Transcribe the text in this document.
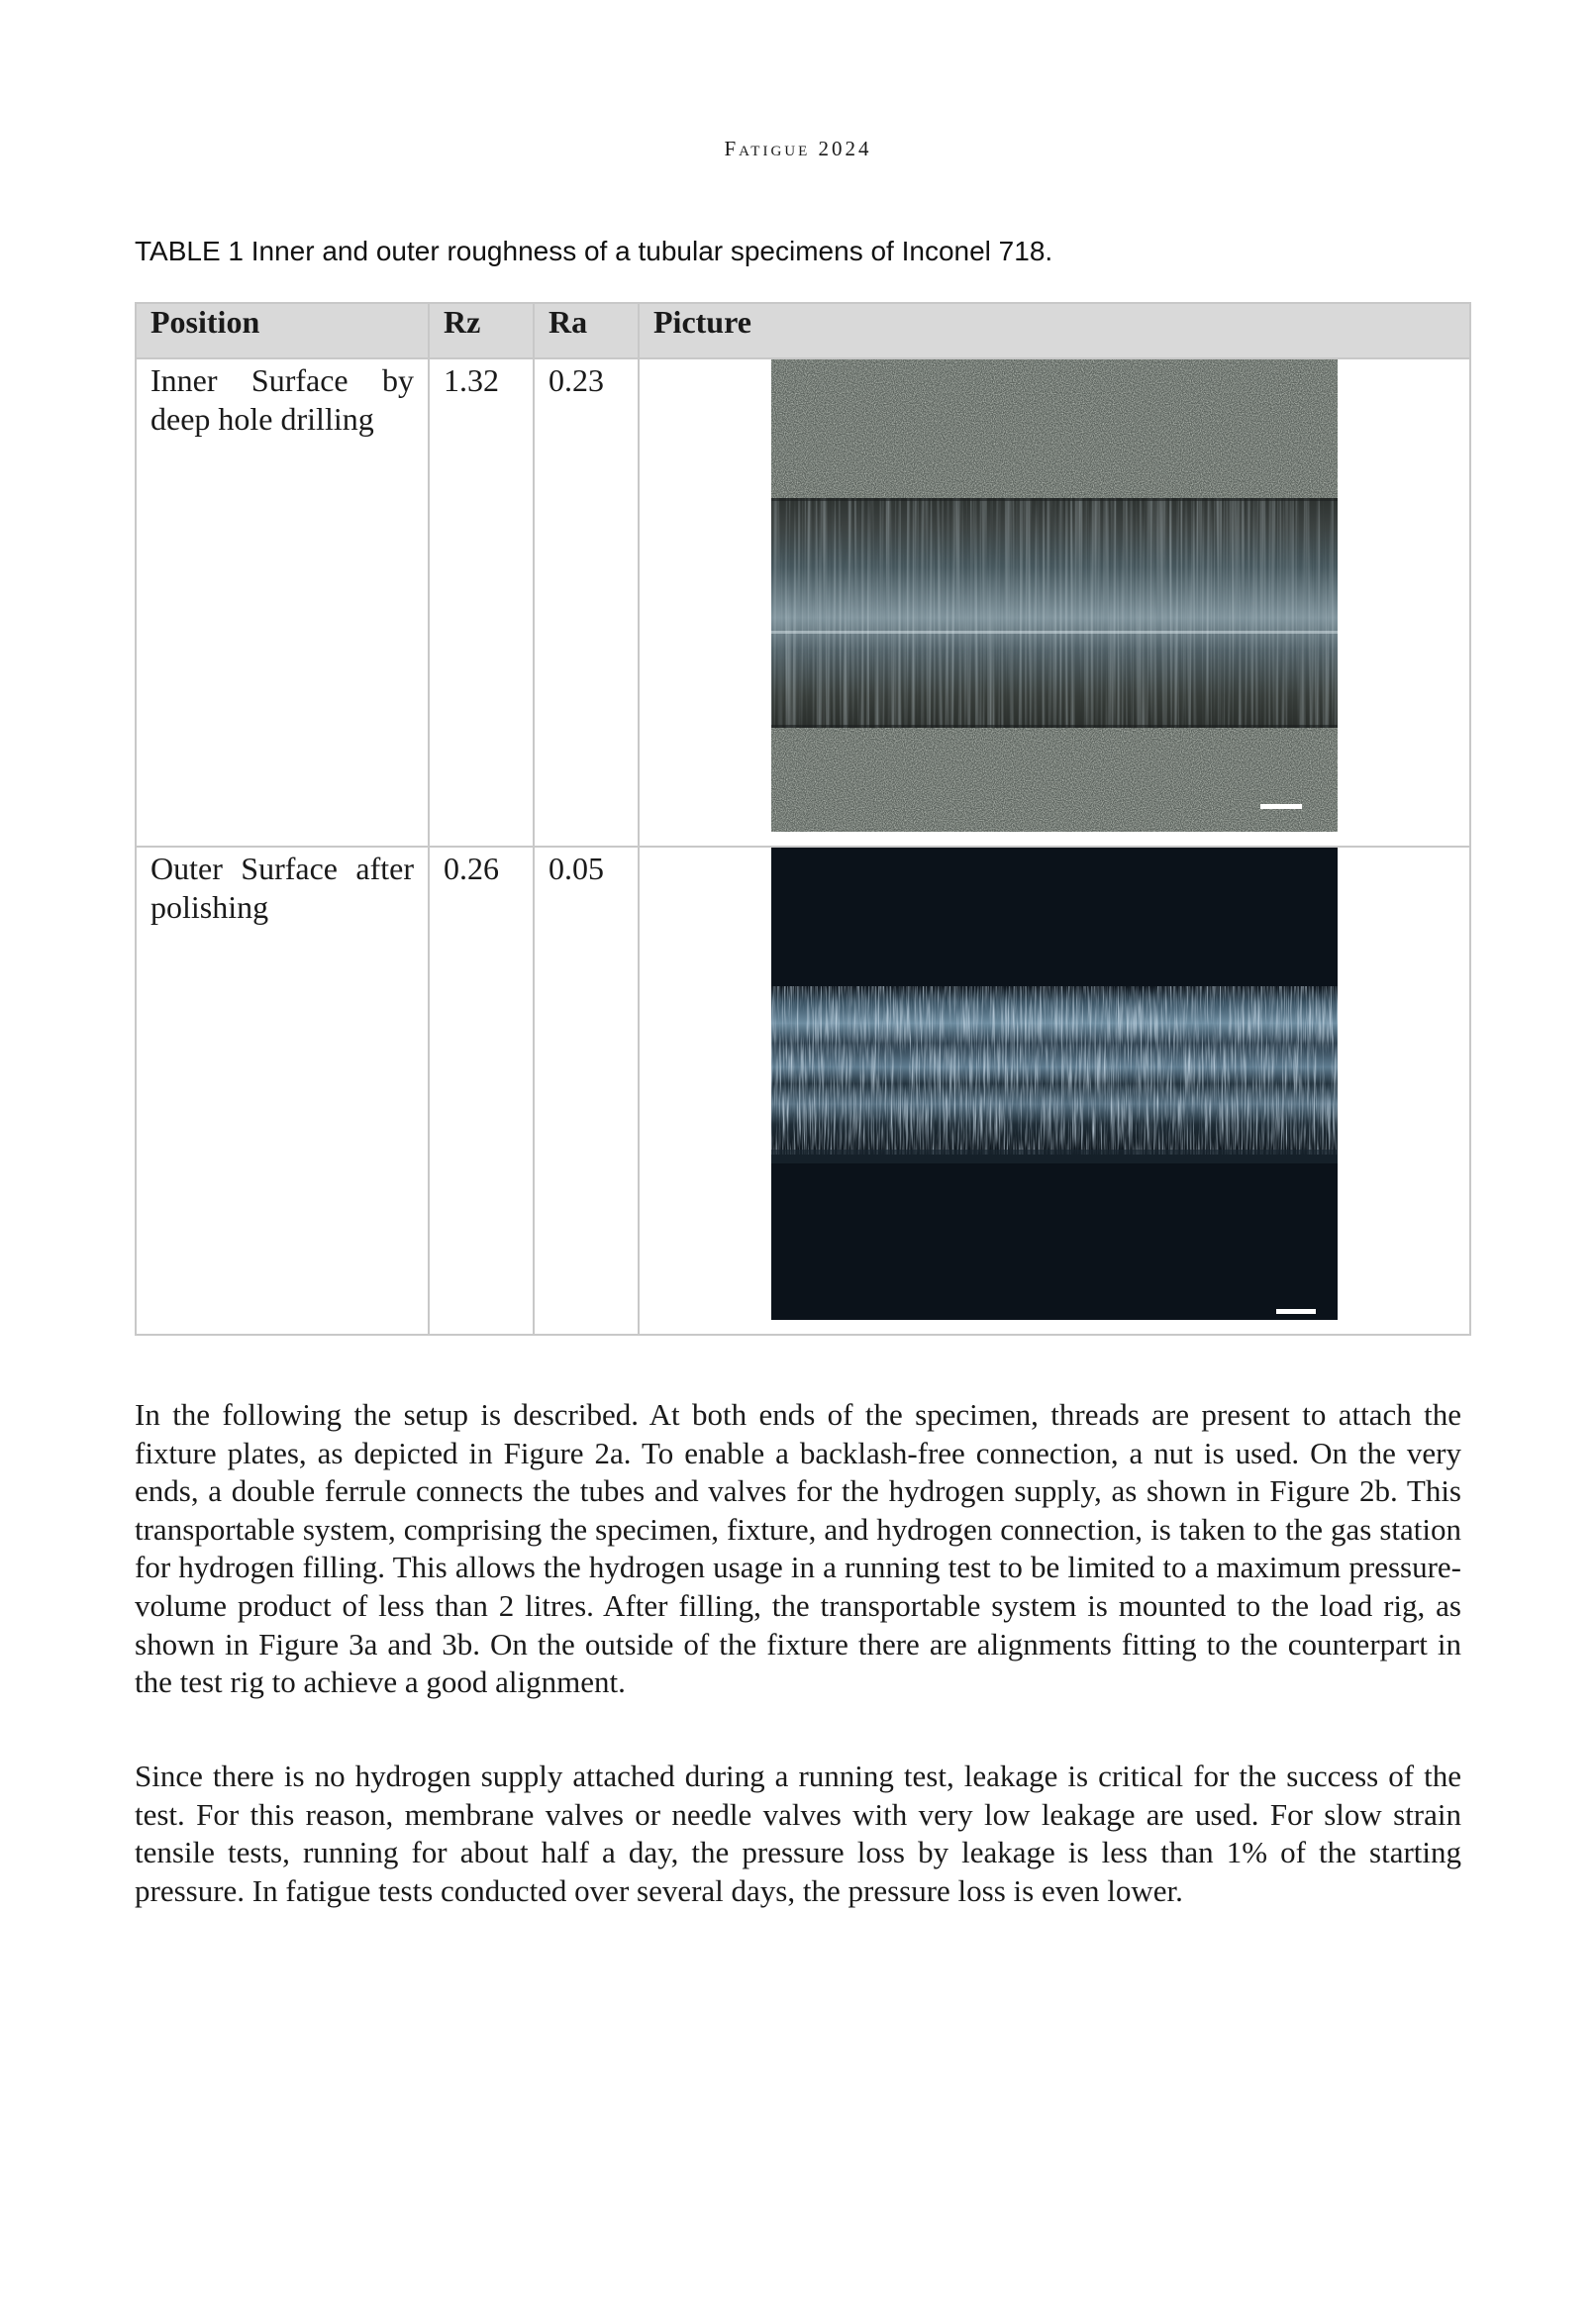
Fatigue 2024
TABLE 1 Inner and outer roughness of a tubular specimens of Inconel 718.
Position	Rz	Ra	Picture

Inner Surface by deep hole drilling	1.32	0.23

Outer Surface after polishing	0.26	0.05

In the following the setup is described. At both ends of the specimen, threads are present to attach the fixture plates, as depicted in Figure 2a. To enable a backlash-free connection, a nut is used. On the very ends, a double ferrule connects the tubes and valves for the hydrogen supply, as shown in Figure 2b. This transportable system, comprising the specimen, fixture, and hydrogen connection, is taken to the gas station for hydrogen filling. This allows the hydrogen usage in a running test to be limited to a maximum pressure-volume product of less than 2 litres. After filling, the transportable system is mounted to the load rig, as shown in Figure 3a and 3b. On the outside of the fixture there are alignments fitting to the counterpart in the test rig to achieve a good alignment.

Since there is no hydrogen supply attached during a running test, leakage is critical for the success of the test. For this reason, membrane valves or needle valves with very low leakage are used. For slow strain tensile tests, running for about half a day, the pressure loss by leakage is less than 1% of the starting pressure. In fatigue tests conducted over several days, the pressure loss is even lower.
